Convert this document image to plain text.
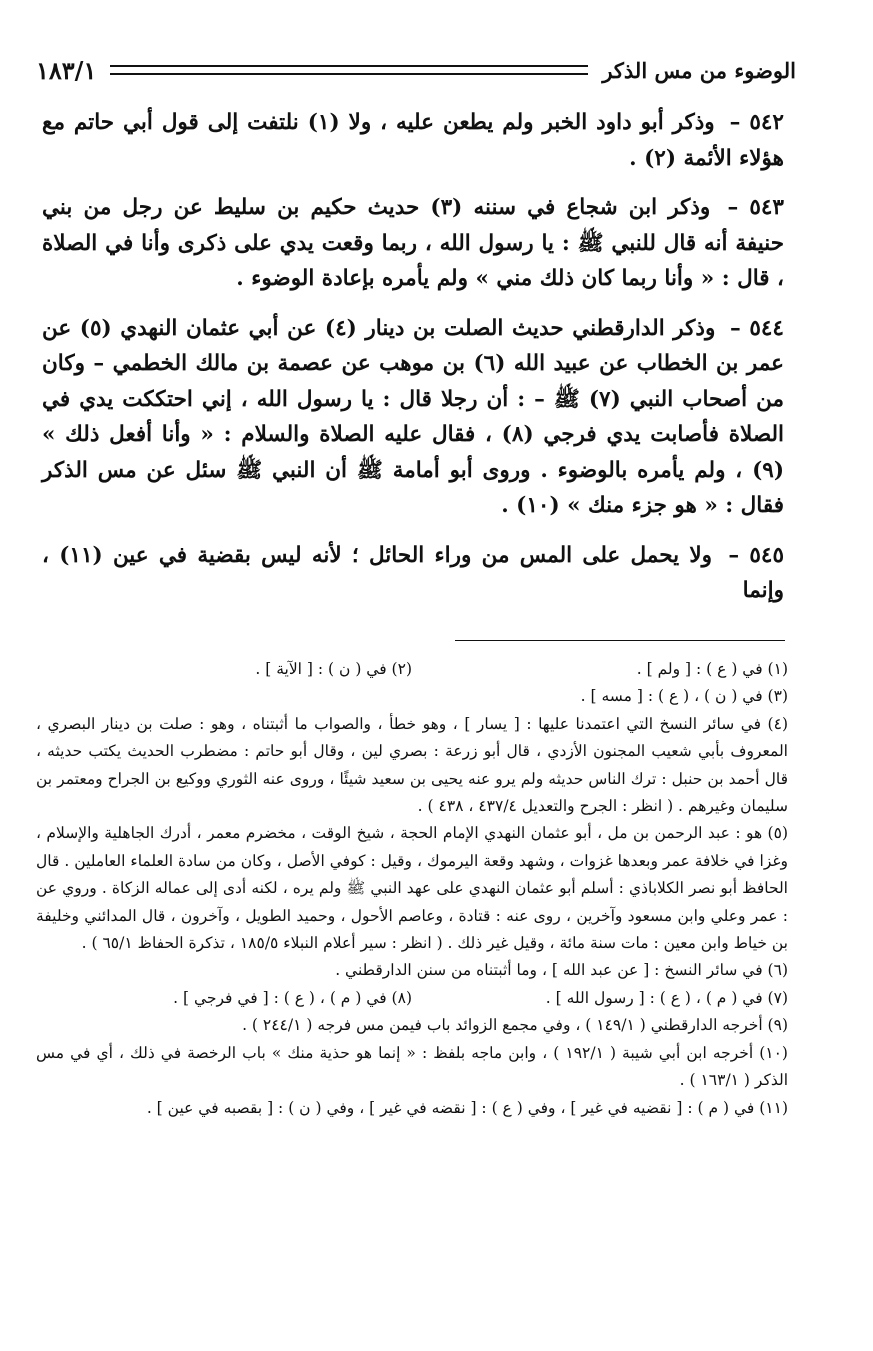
الوضوء من مس الذكر
١٨٣/١

٥٤٢ – وذكر أبو داود الخبر ولم يطعن عليه ، ولا (١) نلتفت إلى قول أبي حاتم مع هؤلاء الأئمة (٢) .

٥٤٣ – وذكر ابن شجاع في سننه (٣) حديث حكيم بن سليط عن رجل من بني حنيفة أنه قال للنبي ﷺ : يا رسول الله ، ربما وقعت يدي على ذكرى وأنا في الصلاة ، قال : « وأنا ربما كان ذلك مني » ولم يأمره بإعادة الوضوء .

٥٤٤ – وذكر الدارقطني حديث الصلت بن دينار (٤) عن أبي عثمان النهدي (٥) عن عمر بن الخطاب عن عبيد الله (٦) بن موهب عن عصمة بن مالك الخطمي – وكان من أصحاب النبي (٧) ﷺ – : أن رجلا قال : يا رسول الله ، إني احتككت يدي في الصلاة فأصابت يدي فرجي (٨) ، فقال عليه الصلاة والسلام : « وأنا أفعل ذلك » (٩) ، ولم يأمره بالوضوء . وروى أبو أمامة ﷺ أن النبي ﷺ سئل عن مس الذكر فقال : « هو جزء منك » (١٠) .

٥٤٥ – ولا يحمل على المس من وراء الحائل ؛ لأنه ليس بقضية في عين (١١) ، وإنما

(١) في ( ع ) : [ ولم ] .
(٢) في ( ن ) : [ الآية ] .

(٣) في ( ن ) ، ( ع ) : [ مسه ] .

(٤) في سائر النسخ التي اعتمدنا عليها : [ يسار ] ، وهو خطأ ، والصواب ما أثبتناه ، وهو : صلت بن دينار البصري ، المعروف بأبي شعيب المجنون الأزدي ، قال أبو زرعة : بصري لين ، وقال أبو حاتم : مضطرب الحديث يكتب حديثه ، قال أحمد بن حنبل : ترك الناس حديثه ولم يرو عنه يحيى بن سعيد شيئًا ، وروى عنه الثوري ووكيع بن الجراح ومعتمر بن سليمان وغيرهم . ( انظر : الجرح والتعديل ٤٣٧/٤ ، ٤٣٨ ) .

(٥) هو : عبد الرحمن بن مل ، أبو عثمان النهدي الإمام الحجة ، شيخ الوقت ، مخضرم معمر ، أدرك الجاهلية والإسلام ، وغزا في خلافة عمر وبعدها غزوات ، وشهد وقعة اليرموك ، وقيل : كوفي الأصل ، وكان من سادة العلماء العاملين . قال الحافظ أبو نصر الكلاباذي : أسلم أبو عثمان النهدي على عهد النبي ﷺ ولم يره ، لكنه أدى إلى عماله الزكاة . وروي عن : عمر وعلي وابن مسعود وآخرين ، روى عنه : قتادة ، وعاصم الأحول ، وحميد الطويل ، وآخرون ، قال المدائني وخليفة بن خياط وابن معين : مات سنة مائة ، وقيل غير ذلك . ( انظر : سير أعلام النبلاء ١٨٥/٥ ، تذكرة الحفاظ ٦٥/١ ) .

(٦) في سائر النسخ : [ عن عبد الله ] ، وما أثبتناه من سنن الدارقطني .

(٧) في ( م ) ، ( ع ) : [ رسول الله ] .
(٨) في ( م ) ، ( ع ) : [ في فرجي ] .

(٩) أخرجه الدارقطني ( ١٤٩/١ ) ، وفي مجمع الزوائد باب فيمن مس فرجه ( ٢٤٤/١ ) .

(١٠) أخرجه ابن أبي شيبة ( ١٩٢/١ ) ، وابن ماجه بلفظ : « إنما هو حذية منك » باب الرخصة في ذلك ، أي في مس الذكر ( ١٦٣/١ ) .

(١١) في ( م ) : [ نقضيه في غير ] ، وفي ( ع ) : [ نقضه في غير ] ، وفي ( ن ) : [ بقصبه في عين ] .
